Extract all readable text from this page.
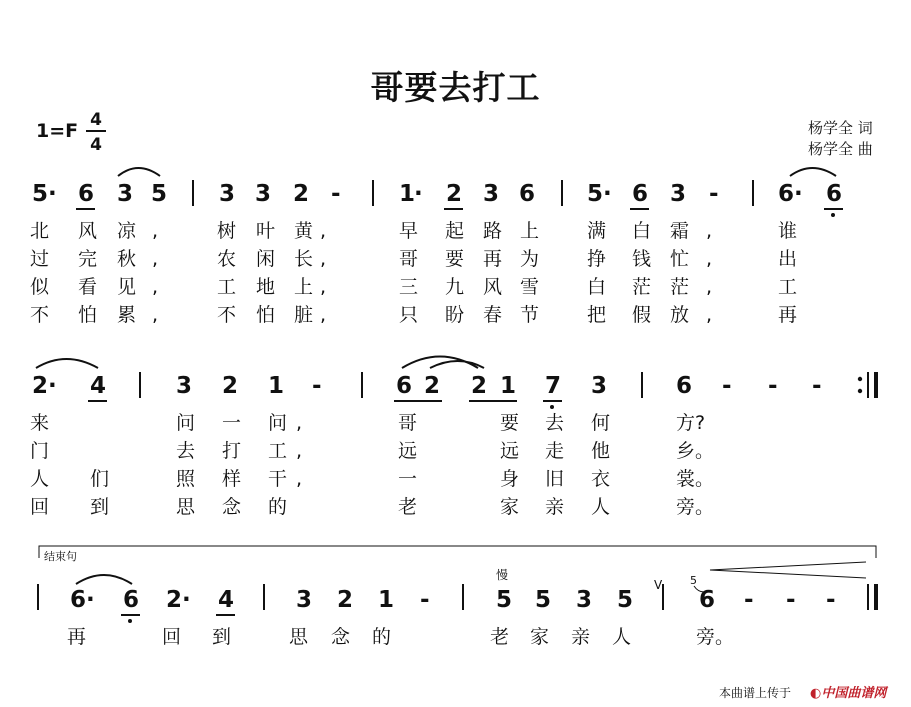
哥要去打工
1=F 4
4
杨学全 词
杨学全 曲
5 · 6 3 5 3 3 2 -	1
· 2 3 6 5 · 6 3 -	6 · 6
北 风 凉 ,	树 叶 黄 ,	早 起 路 上	满 白 霜 ,	谁
过 完 秋 ,	农 闲 长 ,	哥 要 再 为	挣 钱 忙 ,	出
似 看 见 ,	工 地 上 ,	三 九 风 雪	白 茫 茫 ,	工
不 怕 累 ,	不 怕 脏 ,	只 盼 春 节	把 假 放 ,	再
2 · 4	3 2 1 -	6 2 2 1 7 3	6 - - -
来	问 一 问 ,	哥	要 去 何	方?
门	去 打 工 ,	远	远 走 他	乡。
人 们	照 样 干 ,	一	身 旧 衣	裳。
回 到	思 念 的	老	家 亲 人	旁。
结束句
慢
V	5
6 · 6 2 · 4	3 2 1 -	5 5 3 5	6 - - -
再	回 到	思 念 的	老 家 亲 人	旁。
本曲谱上传于 ◐中国曲谱网
